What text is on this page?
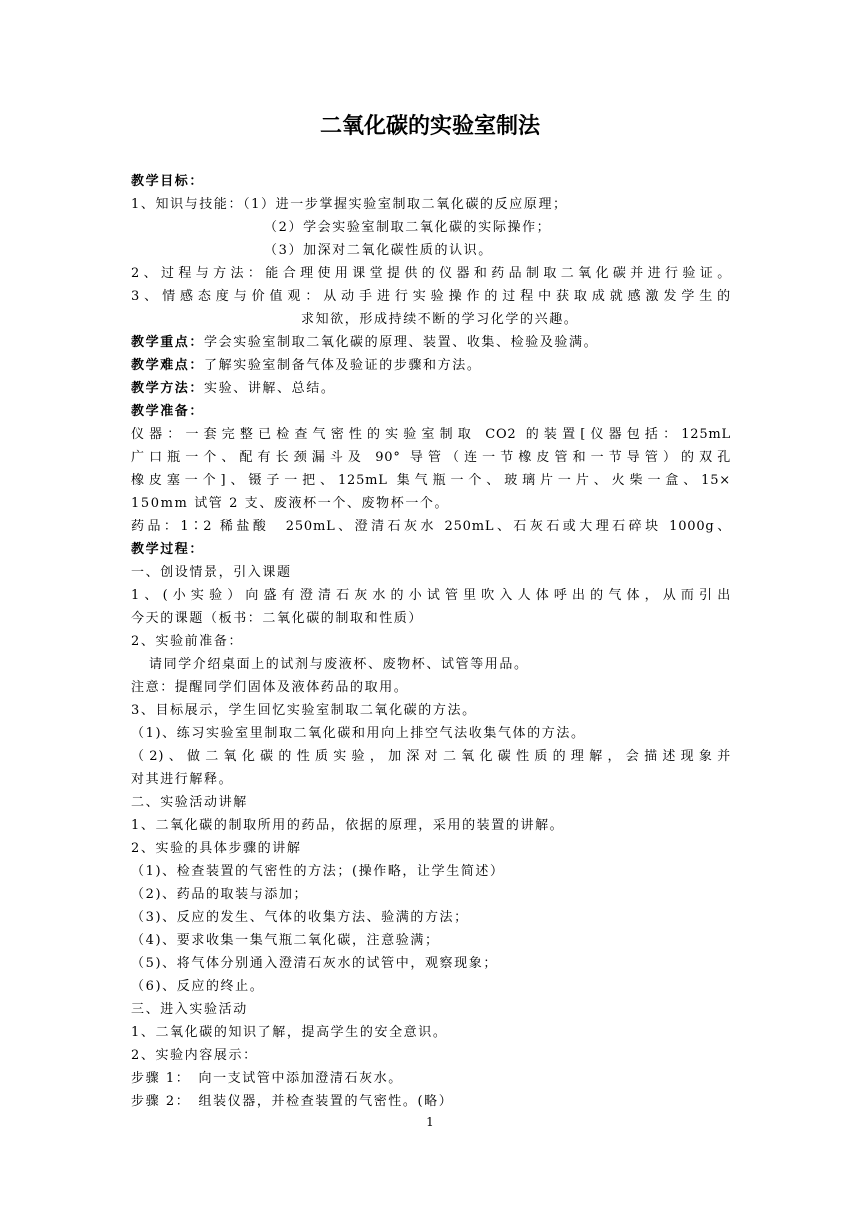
二氧化碳的实验室制法
教学目标：
1、知识与技能：（1）进一步掌握实验室制取二氧化碳的反应原理；
（2）学会实验室制取二氧化碳的实际操作；
（3）加深对二氧化碳性质的认识。
2、过程与方法：能合理使用课堂提供的仪器和药品制取二氧化碳并进行验证。
3、情感态度与价值观：从动手进行实验操作的过程中获取成就感激发学生的
求知欲，形成持续不断的学习化学的兴趣。
教学重点：学会实验室制取二氧化碳的原理、装置、收集、检验及验满。
教学难点：了解实验室制备气体及验证的步骤和方法。
教学方法：实验、讲解、总结。
教学准备：
仪器：一套完整已检查气密性的实验室制取 CO2 的装置[仪器包括：125mL
广口瓶一个、配有长颈漏斗及 90° 导管（连一节橡皮管和一节导管）的双孔
橡皮塞一个]、镊子一把、125mL 集气瓶一个、玻璃片一片、火柴一盒、15×
150mm 试管 2 支、废液杯一个、废物杯一个。
药品：1∶2 稀盐酸　250mL、澄清石灰水 250mL、石灰石或大理石碎块 1000g、
教学过程：
一、创设情景，引入课题
1、(小实验）向盛有澄清石灰水的小试管里吹入人体呼出的气体，从而引出
今天的课题（板书：二氧化碳的制取和性质）
2、实验前准备：
请同学介绍桌面上的试剂与废液杯、废物杯、试管等用品。
注意：提醒同学们固体及液体药品的取用。
3、目标展示，学生回忆实验室制取二氧化碳的方法。
（1)、练习实验室里制取二氧化碳和用向上排空气法收集气体的方法。
（2)、做二氧化碳的性质实验，加深对二氧化碳性质的理解，会描述现象并
对其进行解释。
二、实验活动讲解
1、二氧化碳的制取所用的药品，依据的原理，采用的装置的讲解。
2、实验的具体步骤的讲解
（1)、检查装置的气密性的方法；(操作略，让学生简述）
（2)、药品的取装与添加；
（3)、反应的发生、气体的收集方法、验满的方法；
（4)、要求收集一集气瓶二氧化碳，注意验满；
（5)、将气体分别通入澄清石灰水的试管中，观察现象；
（6)、反应的终止。
三、进入实验活动
1、二氧化碳的知识了解，提高学生的安全意识。
2、实验内容展示：
步骤 1：　向一支试管中添加澄清石灰水。
步骤 2：　组装仪器，并检查装置的气密性。(略）
1
